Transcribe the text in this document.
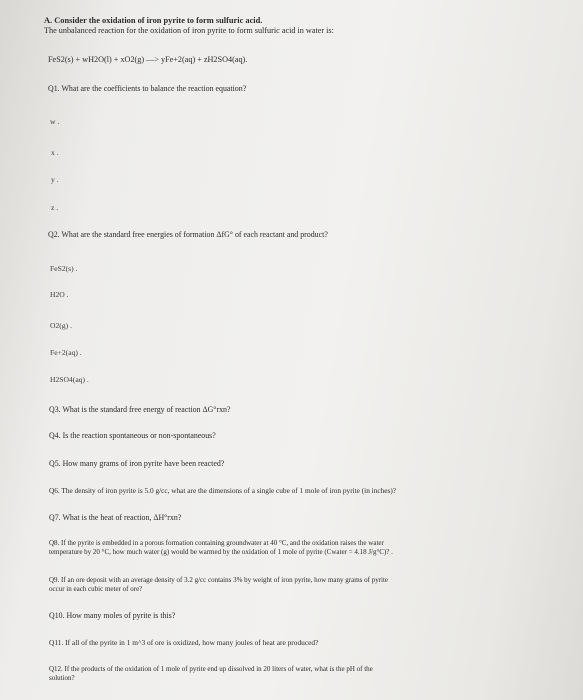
A. Consider the oxidation of iron pyrite to form sulfuric acid.
The unbalanced reaction for the oxidation of iron pyrite to form sulfuric acid in water is:
FeS2(s) + wH2O(l) + xO2(g) —> yFe+2(aq) + zH2SO4(aq).
Q1. What are the coefficients to balance the reaction equation?
w .
x .
y .
z .
Q2. What are the standard free energies of formation ΔfG° of each reactant and product?
FeS2(s) .
H2O .
O2(g) .
Fe+2(aq) .
H2SO4(aq) .
Q3. What is the standard free energy of reaction ΔG°rxn?
Q4. Is the reaction spontaneous or non-spontaneous?
Q5. How many grams of iron pyrite have been reacted?
Q6. The density of iron pyrite is 5.0 g/cc, what are the dimensions of a single cube of 1 mole of iron pyrite (in inches)?
Q7. What is the heat of reaction, ΔH°rxn?
Q8. If the pyrite is embedded in a porous formation containing groundwater at 40 °C, and the oxidation raises the water
temperature by 20 °C, how much water (g) would be warmed by the oxidation of 1 mole of pyrite (Cwater = 4.18 J/g°C)? .
Q9. If an ore deposit with an average density of 3.2 g/cc contains 3% by weight of iron pyrite, how many grams of pyrite
occur in each cubic meter of ore?
Q10. How many moles of pyrite is this?
Q11. If all of the pyrite in 1 m^3 of ore is oxidized, how many joules of heat are produced?
Q12. If the products of the oxidation of 1 mole of pyrite end up dissolved in 20 liters of water, what is the pH of the
solution?
